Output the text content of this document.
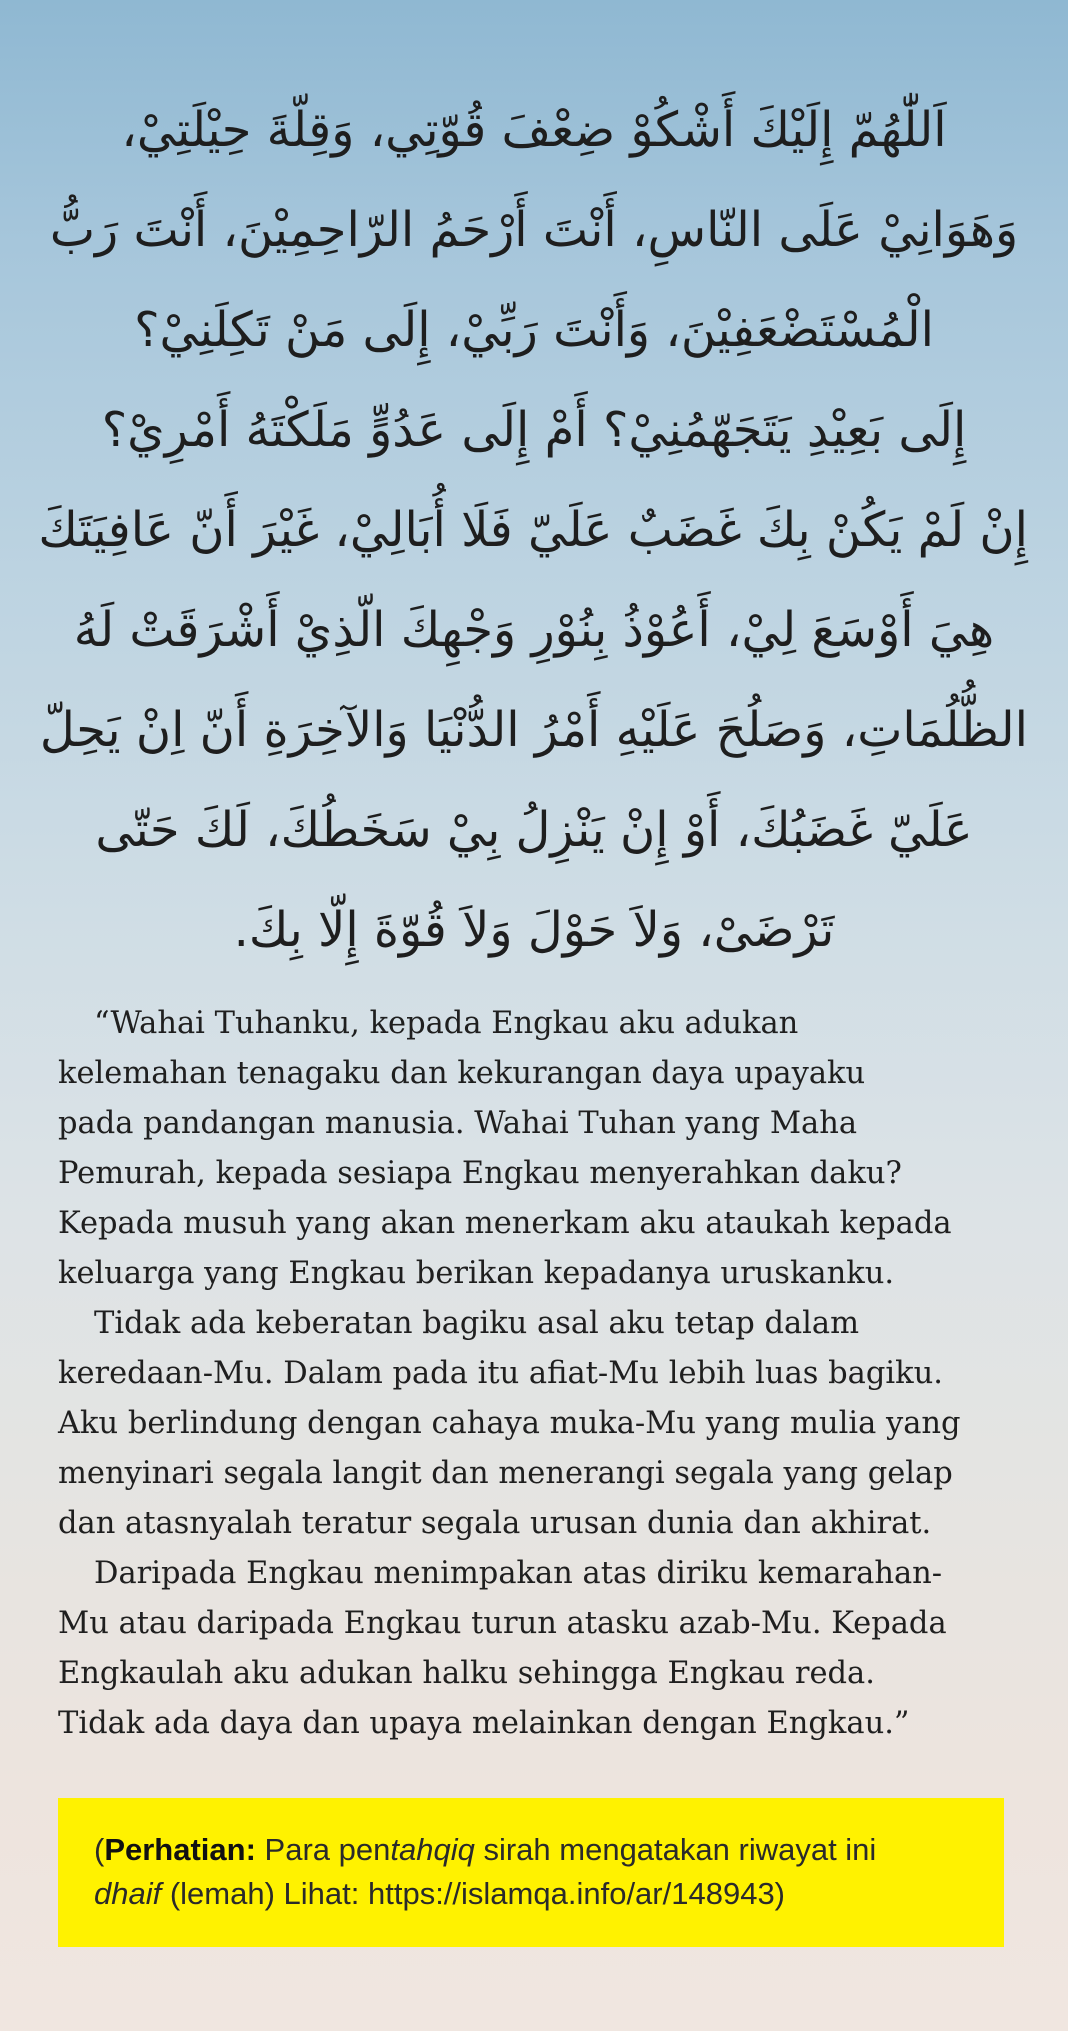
اَللّٰهُمّ إِلَيْكَ أَشْكُوْ ضِعْفَ قُوّتِي، وَقِلّةَ حِيْلَتِيْ،
وَهَوَانِيْ عَلَى النّاسِ، أَنْتَ أَرْحَمُ الرّاحِمِيْنَ، أَنْتَ رَبُّ
الْمُسْتَضْعَفِيْنَ، وَأَنْتَ رَبِّيْ، إِلَى مَنْ تَكِلَنِيْ؟
إِلَى بَعِيْدِ يَتَجَهّمُنِيْ؟ أَمْ إِلَى عَدُوٍّ مَلَكْتَهُ أَمْرِيْ؟
إِنْ لَمْ يَكُنْ بِكَ غَضَبٌ عَلَيّ فَلَا أُبَالِيْ، غَيْرَ أَنّ عَافِيَتَكَ
هِيَ أَوْسَعَ لِيْ، أَعُوْذُ بِنُوْرِ وَجْهِكَ الّذِيْ أَشْرَقَتْ لَهُ
الظُّلُمَاتِ، وَصَلُحَ عَلَيْهِ أَمْرُ الدُّنْيَا وَالآخِرَةِ أَنّ اِنْ يَحِلّ
عَلَيّ غَضَبُكَ، أَوْ إِنْ يَنْزِلُ بِيْ سَخَطُكَ، لَكَ حَتّى
تَرْضَىْ، وَلاَ حَوْلَ وَلاَ قُوّةَ إِلّا بِكَ.
“Wahai Tuhanku, kepada Engkau aku adukan
kelemahan tenagaku dan kekurangan daya upayaku
pada pandangan manusia. Wahai Tuhan yang Maha
Pemurah, kepada sesiapa Engkau menyerahkan daku?
Kepada musuh yang akan menerkam aku ataukah kepada
keluarga yang Engkau berikan kepadanya uruskanku.
Tidak ada keberatan bagiku asal aku tetap dalam
keredaan-Mu. Dalam pada itu afiat-Mu lebih luas bagiku.
Aku berlindung dengan cahaya muka-Mu yang mulia yang
menyinari segala langit dan menerangi segala yang gelap
dan atasnyalah teratur segala urusan dunia dan akhirat.
Daripada Engkau menimpakan atas diriku kemarahan-
Mu atau daripada Engkau turun atasku azab-Mu. Kepada
Engkaulah aku adukan halku sehingga Engkau reda.
Tidak ada daya dan upaya melainkan dengan Engkau.”
(Perhatian: Para pentahqiq sirah mengatakan riwayat ini
dhaif (lemah) Lihat: https://islamqa.info/ar/148943)
